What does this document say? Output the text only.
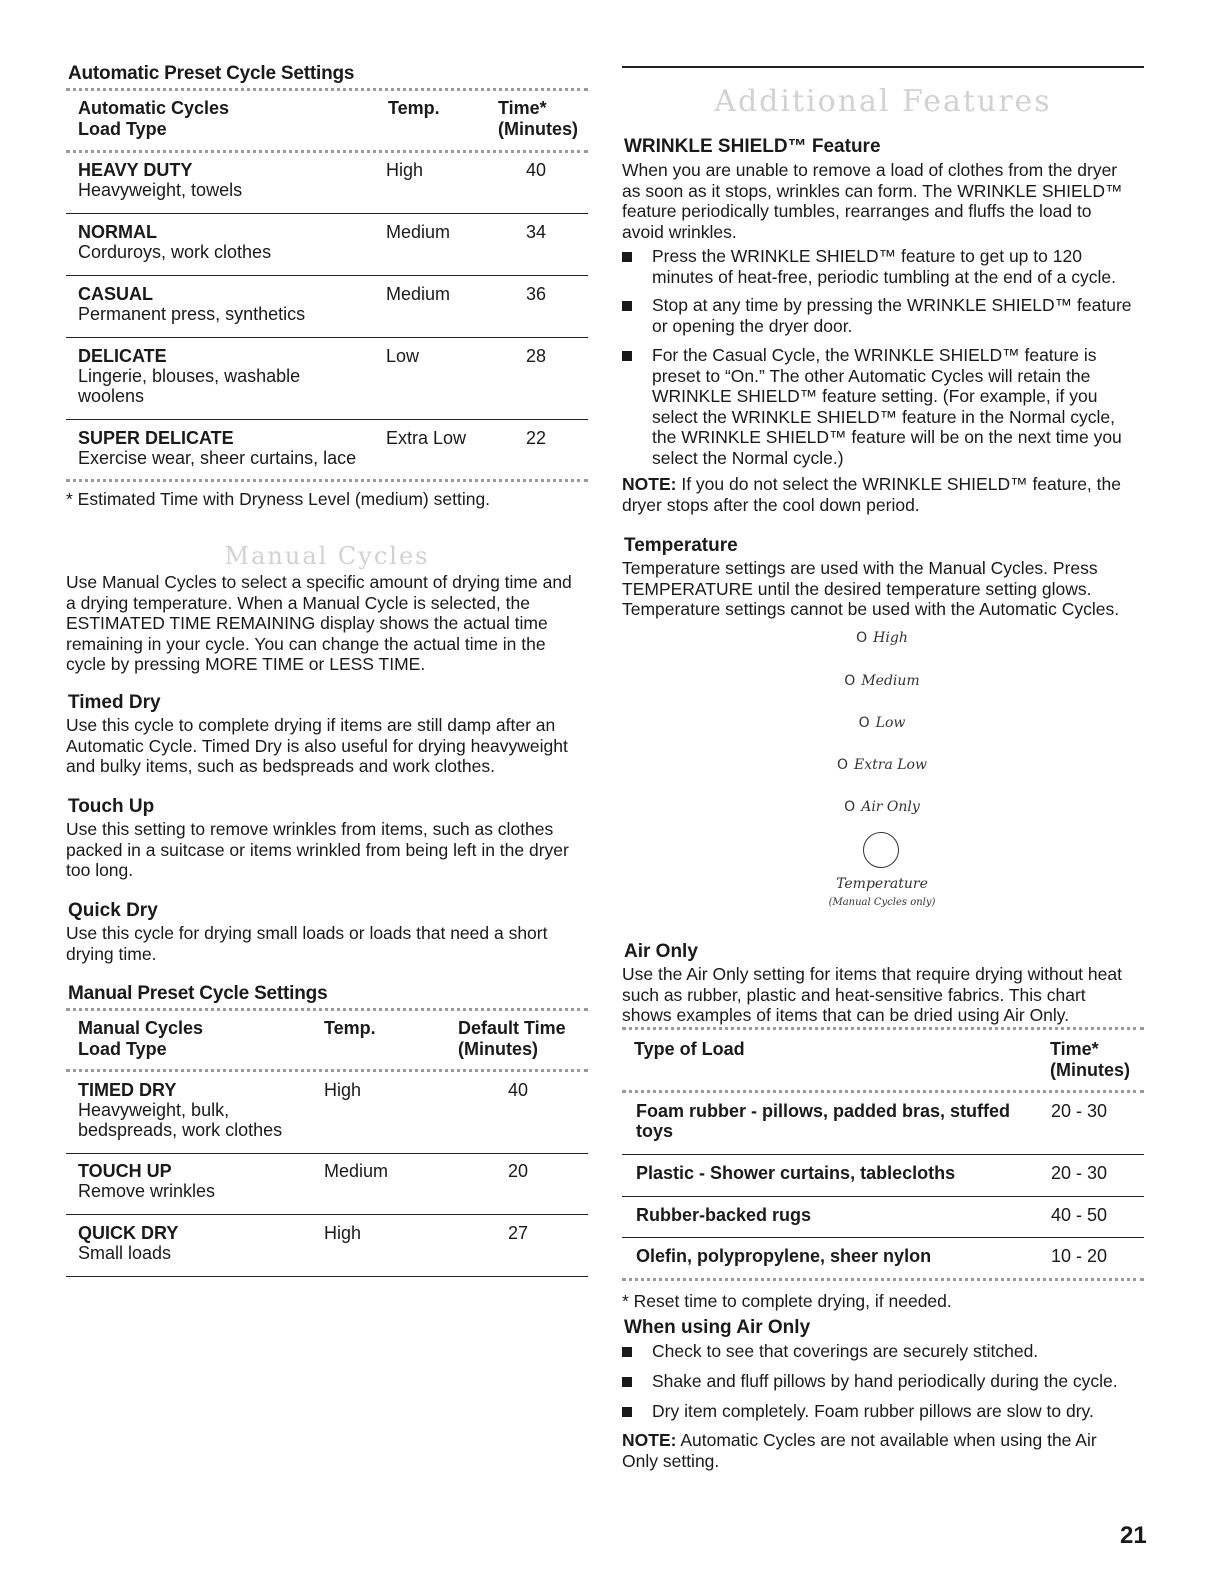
Automatic Preset Cycle Settings
Automatic Cycles	Temp.	Time*
Load Type	(Minutes)
HEAVY DUTY	High	40
Heavyweight, towels
NORMAL	Medium	34
Corduroys, work clothes
CASUAL	Medium	36
Permanent press, synthetics
DELICATE	Low	28
Lingerie, blouses, washable
woolens
SUPER DELICATE	Extra Low	22
Exercise wear, sheer curtains, lace
* Estimated Time with Dryness Level (medium) setting.
Manual Cycles
Use Manual Cycles to select a specific amount of drying time and
a drying temperature. When a Manual Cycle is selected, the
ESTIMATED TIME REMAINING display shows the actual time
remaining in your cycle. You can change the actual time in the
cycle by pressing MORE TIME or LESS TIME.
Timed Dry
Use this cycle to complete drying if items are still damp after an
Automatic Cycle. Timed Dry is also useful for drying heavyweight
and bulky items, such as bedspreads and work clothes.
Touch Up
Use this setting to remove wrinkles from items, such as clothes
packed in a suitcase or items wrinkled from being left in the dryer
too long.
Quick Dry
Use this cycle for drying small loads or loads that need a short
drying time.
Manual Preset Cycle Settings
Manual Cycles	Temp.	Default Time
Load Type	(Minutes)
TIMED DRY	High	40
Heavyweight, bulk,
bedspreads, work clothes
TOUCH UP	Medium	20
Remove wrinkles
QUICK DRY	High	27
Small loads
Additional Features
WRINKLE SHIELD™ Feature
When you are unable to remove a load of clothes from the dryer
as soon as it stops, wrinkles can form. The WRINKLE SHIELD™
feature periodically tumbles, rearranges and fluffs the load to
avoid wrinkles.
Press the WRINKLE SHIELD™ feature to get up to 120
minutes of heat-free, periodic tumbling at the end of a cycle.
Stop at any time by pressing the WRINKLE SHIELD™ feature
or opening the dryer door.
For the Casual Cycle, the WRINKLE SHIELD™ feature is
preset to “On.” The other Automatic Cycles will retain the
WRINKLE SHIELD™ feature setting. (For example, if you
select the WRINKLE SHIELD™ feature in the Normal cycle,
the WRINKLE SHIELD™ feature will be on the next time you
select the Normal cycle.)
NOTE: If you do not select the WRINKLE SHIELD™ feature, the
dryer stops after the cool down period.
Temperature
Temperature settings are used with the Manual Cycles. Press
TEMPERATURE until the desired temperature setting glows.
Temperature settings cannot be used with the Automatic Cycles.
O High
O Medium
O Low
O Extra Low
O Air Only
Temperature
(Manual Cycles only)
Air Only
Use the Air Only setting for items that require drying without heat
such as rubber, plastic and heat-sensitive fabrics. This chart
shows examples of items that can be dried using Air Only.
Type of Load	Time*
(Minutes)
Foam rubber - pillows, padded bras, stuffed	20 - 30
toys
Plastic - Shower curtains, tablecloths	20 - 30
Rubber-backed rugs	40 - 50
Olefin, polypropylene, sheer nylon	10 - 20
* Reset time to complete drying, if needed.
When using Air Only
Check to see that coverings are securely stitched.
Shake and fluff pillows by hand periodically during the cycle.
Dry item completely. Foam rubber pillows are slow to dry.
NOTE: Automatic Cycles are not available when using the Air
Only setting.
21
